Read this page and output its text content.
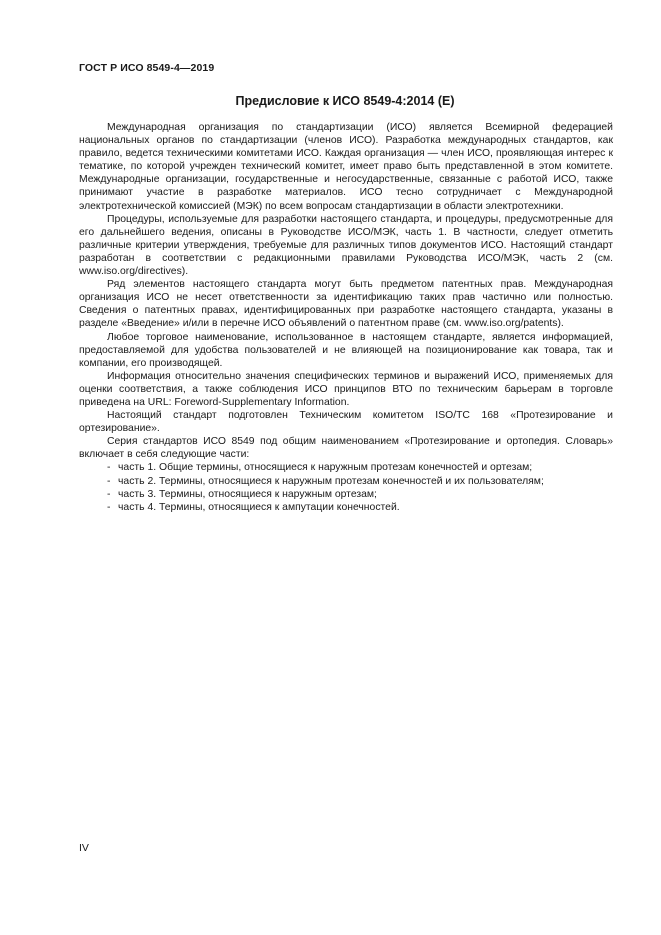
ГОСТ Р ИСО 8549-4—2019
Предисловие к ИСО 8549-4:2014 (Е)

Международная организация по стандартизации (ИСО) является Всемирной федерацией национальных органов по стандартизации (членов ИСО). Разработка международных стандартов, как правило, ведется техническими комитетами ИСО. Каждая организация — член ИСО, проявляющая интерес к тематике, по которой учрежден технический комитет, имеет право быть представленной в этом комитете. Международные организации, государственные и негосударственные, связанные с работой ИСО, также принимают участие в разработке материалов. ИСО тесно сотрудничает с Международной электротехнической комиссией (МЭК) по всем вопросам стандартизации в области электротехники.

Процедуры, используемые для разработки настоящего стандарта, и процедуры, предусмотренные для его дальнейшего ведения, описаны в Руководстве ИСО/МЭК, часть 1. В частности, следует отметить различные критерии утверждения, требуемые для различных типов документов ИСО. Настоящий стандарт разработан в соответствии с редакционными правилами Руководства ИСО/МЭК, часть 2 (см. www.iso.org/directives).

Ряд элементов настоящего стандарта могут быть предметом патентных прав. Международная организация ИСО не несет ответственности за идентификацию таких прав частично или полностью. Сведения о патентных правах, идентифицированных при разработке настоящего стандарта, указаны в разделе «Введение» и/или в перечне ИСО объявлений о патентном праве (см. www.iso.org/patents).

Любое торговое наименование, использованное в настоящем стандарте, является информацией, предоставляемой для удобства пользователей и не влияющей на позиционирование как товара, так и компании, его производящей.

Информация относительно значения специфических терминов и выражений ИСО, применяемых для оценки соответствия, а также соблюдения ИСО принципов ВТО по техническим барьерам в торговле приведена на URL: Foreword-Supplementary Information.

Настоящий стандарт подготовлен Техническим комитетом ISO/TC 168 «Протезирование и ортезирование».

Серия стандартов ИСО 8549 под общим наименованием «Протезирование и ортопедия. Словарь» включает в себя следующие части:

- часть 1. Общие термины, относящиеся к наружным протезам конечностей и ортезам;
- часть 2. Термины, относящиеся к наружным протезам конечностей и их пользователям;
- часть 3. Термины, относящиеся к наружным ортезам;
- часть 4. Термины, относящиеся к ампутации конечностей.
IV
